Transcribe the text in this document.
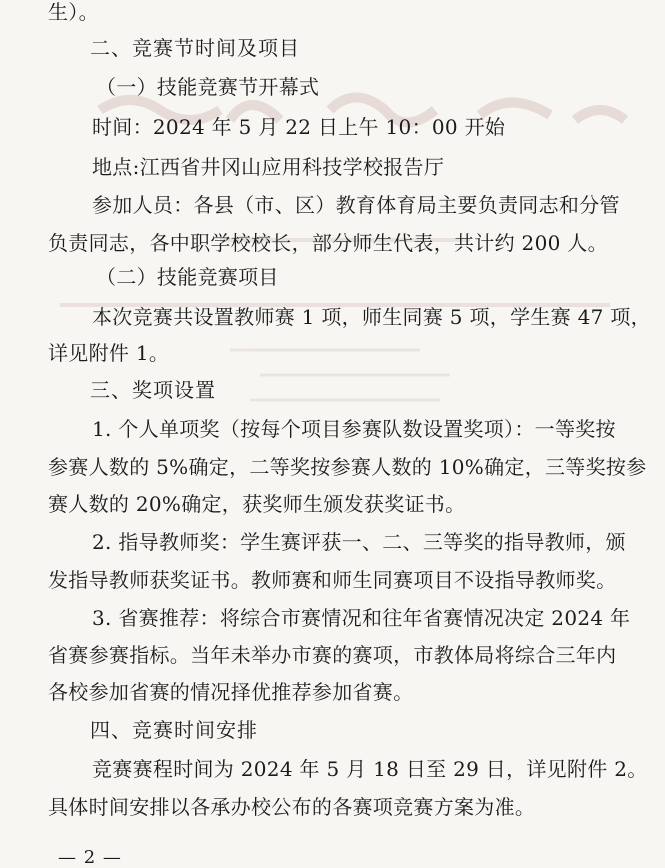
生）。
二、竞赛节时间及项目
（一）技能竞赛节开幕式
时间：2024 年 5 月 22 日上午 10：00 开始
地点:江西省井冈山应用科技学校报告厅
参加人员：各县（市、区）教育体育局主要负责同志和分管
负责同志，各中职学校校长，部分师生代表，共计约 200 人。
（二）技能竞赛项目
本次竞赛共设置教师赛 1 项，师生同赛 5 项，学生赛 47 项，
详见附件 1。
三、奖项设置
1. 个人单项奖（按每个项目参赛队数设置奖项）：一等奖按
参赛人数的 5%确定，二等奖按参赛人数的 10%确定，三等奖按参
赛人数的 20%确定，获奖师生颁发获奖证书。
2. 指导教师奖：学生赛评获一、二、三等奖的指导教师，颁
发指导教师获奖证书。教师赛和师生同赛项目不设指导教师奖。
3. 省赛推荐：将综合市赛情况和往年省赛情况决定 2024 年
省赛参赛指标。当年未举办市赛的赛项，市教体局将综合三年内
各校参加省赛的情况择优推荐参加省赛。
四、竞赛时间安排
竞赛赛程时间为 2024 年 5 月 18 日至 29 日，详见附件 2。
具体时间安排以各承办校公布的各赛项竞赛方案为准。
— 2 —
